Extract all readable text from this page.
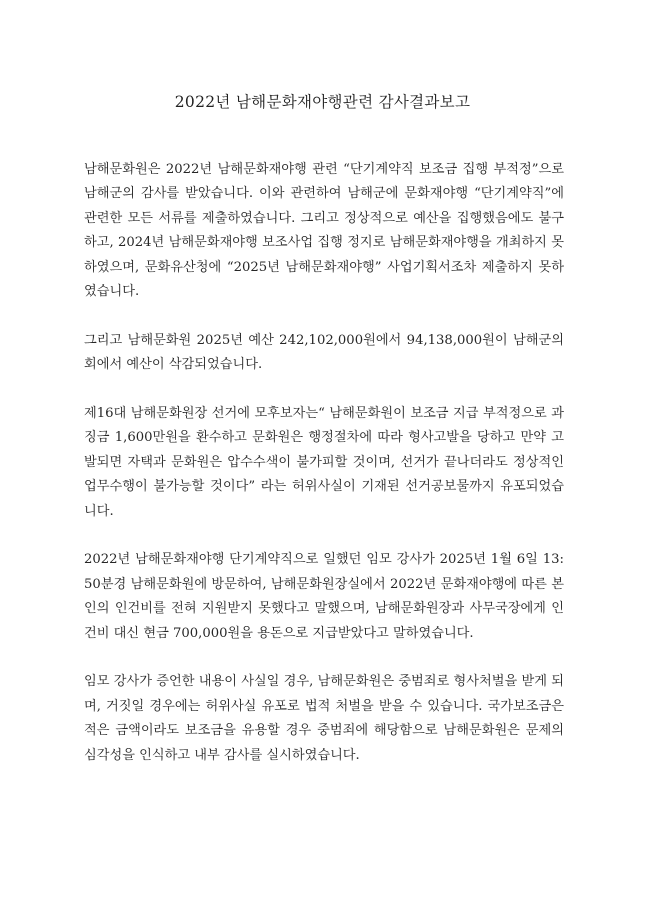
2022년 남해문화재야행관련 감사결과보고

남해문화원은 2022년 남해문화재야행 관련 “단기계약직 보조금 집행 부적정”으로 남해군의 감사를 받았습니다. 이와 관련하여 남해군에 문화재야행 “단기계약직”에 관련한 모든 서류를 제출하였습니다. 그리고 정상적으로 예산을 집행했음에도 불구하고, 2024년 남해문화재야행 보조사업 집행 정지로 남해문화재야행을 개최하지 못하였으며, 문화유산청에 “2025년 남해문화재야행” 사업기획서조차 제출하지 못하였습니다.

그리고 남해문화원 2025년 예산 242,102,000원에서 94,138,000원이 남해군의회에서 예산이 삭감되었습니다.

제16대 남해문화원장 선거에 모후보자는“ 남해문화원이 보조금 지급 부적정으로 과징금 1,600만원을 환수하고 문화원은 행정절차에 따라 형사고발을 당하고 만약 고발되면 자택과 문화원은 압수수색이 불가피할 것이며, 선거가 끝나더라도 정상적인 업무수행이 불가능할 것이다” 라는 허위사실이 기재된 선거공보물까지 유포되었습니다.

2022년 남해문화재야행 단기계약직으로 일했던 임모 강사가 2025년 1월 6일 13:50분경 남해문화원에 방문하여, 남해문화원장실에서 2022년 문화재야행에 따른 본인의 인건비를 전혀 지원받지 못했다고 말했으며, 남해문화원장과 사무국장에게 인건비 대신 현금 700,000원을 용돈으로 지급받았다고 말하였습니다.

임모 강사가 증언한 내용이 사실일 경우, 남해문화원은 중범죄로 형사처벌을 받게 되며, 거짓일 경우에는 허위사실 유포로 법적 처벌을 받을 수 있습니다. 국가보조금은 적은 금액이라도 보조금을 유용할 경우 중범죄에 해당함으로 남해문화원은 문제의 심각성을 인식하고 내부 감사를 실시하였습니다.
